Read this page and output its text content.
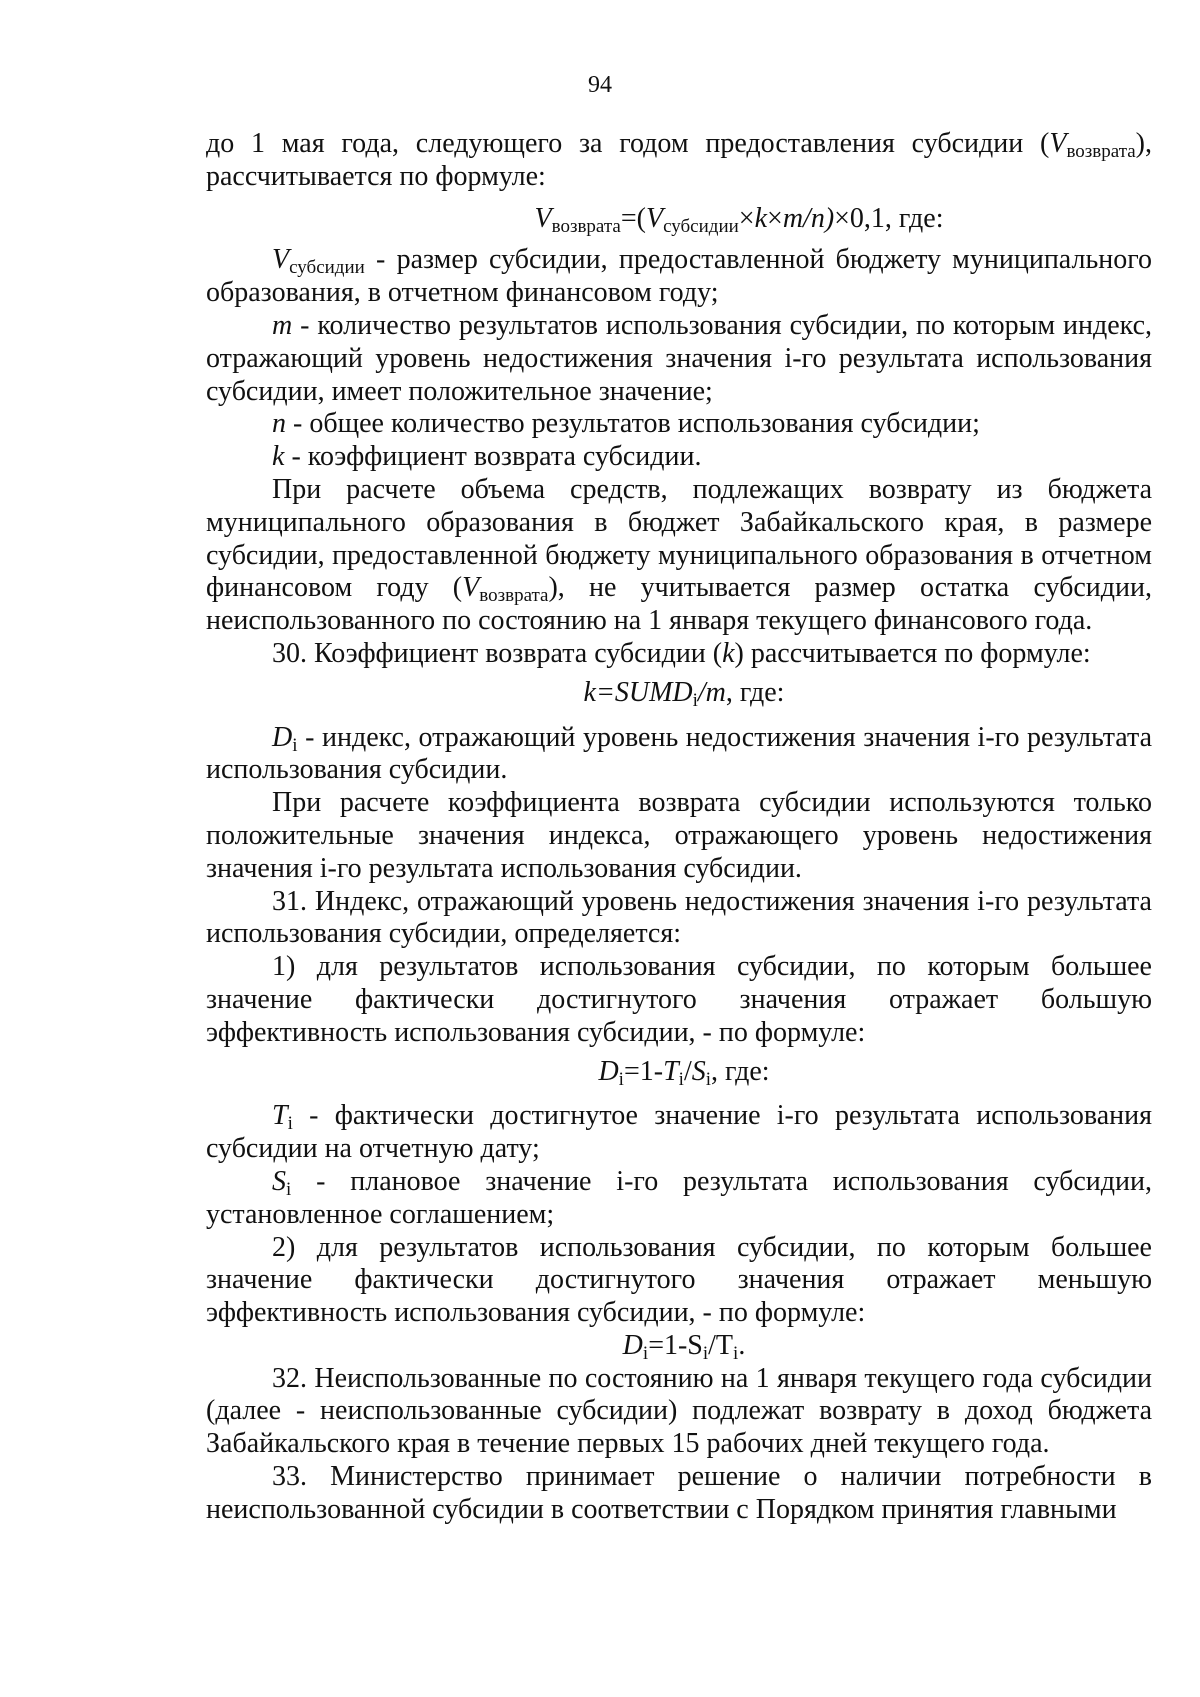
94

до 1 мая года, следующего за годом предоставления субсидии $(V_{возврата})$, рассчитывается по формуле:

$V_{возврата}=(V_{субсидии}\times k\times m/n)\times 0,1$, где:

$V_{субсидии}$ - размер субсидии, предоставленной бюджету муниципального образования, в отчетном финансовом году;

m - количество результатов использования субсидии, по которым индекс, отражающий уровень недостижения значения i-го результата использования субсидии, имеет положительное значение;

n - общее количество результатов использования субсидии;

k - коэффициент возврата субсидии.

При расчете объема средств, подлежащих возврату из бюджета муниципального образования в бюджет Забайкальского края, в размере субсидии, предоставленной бюджету муниципального образования в отчетном финансовом году $(V_{возврата})$, не учитывается размер остатка субсидии, неиспользованного по состоянию на 1 января текущего финансового года.

30. Коэффициент возврата субсидии (k) рассчитывается по формуле:

$k=SUMD_i/m$, где:

$D_i$ - индекс, отражающий уровень недостижения значения i-го результата использования субсидии.

При расчете коэффициента возврата субсидии используются только положительные значения индекса, отражающего уровень недостижения значения i-го результата использования субсидии.

31. Индекс, отражающий уровень недостижения значения i-го результата использования субсидии, определяется:

1) для результатов использования субсидии, по которым большее значение фактически достигнутого значения отражает большую эффективность использования субсидии, - по формуле:

$D_i=1-T_i/S_i$, где:

$T_i$ - фактически достигнутое значение i-го результата использования субсидии на отчетную дату;

$S_i$ - плановое значение i-го результата использования субсидии, установленное соглашением;

2) для результатов использования субсидии, по которым большее значение фактически достигнутого значения отражает меньшую эффективность использования субсидии, - по формуле:

$D_i=1-S_i/T_i$.

32. Неиспользованные по состоянию на 1 января текущего года субсидии (далее - неиспользованные субсидии) подлежат возврату в доход бюджета Забайкальского края в течение первых 15 рабочих дней текущего года.

33. Министерство принимает решение о наличии потребности в неиспользованной субсидии в соответствии с Порядком принятия главными
